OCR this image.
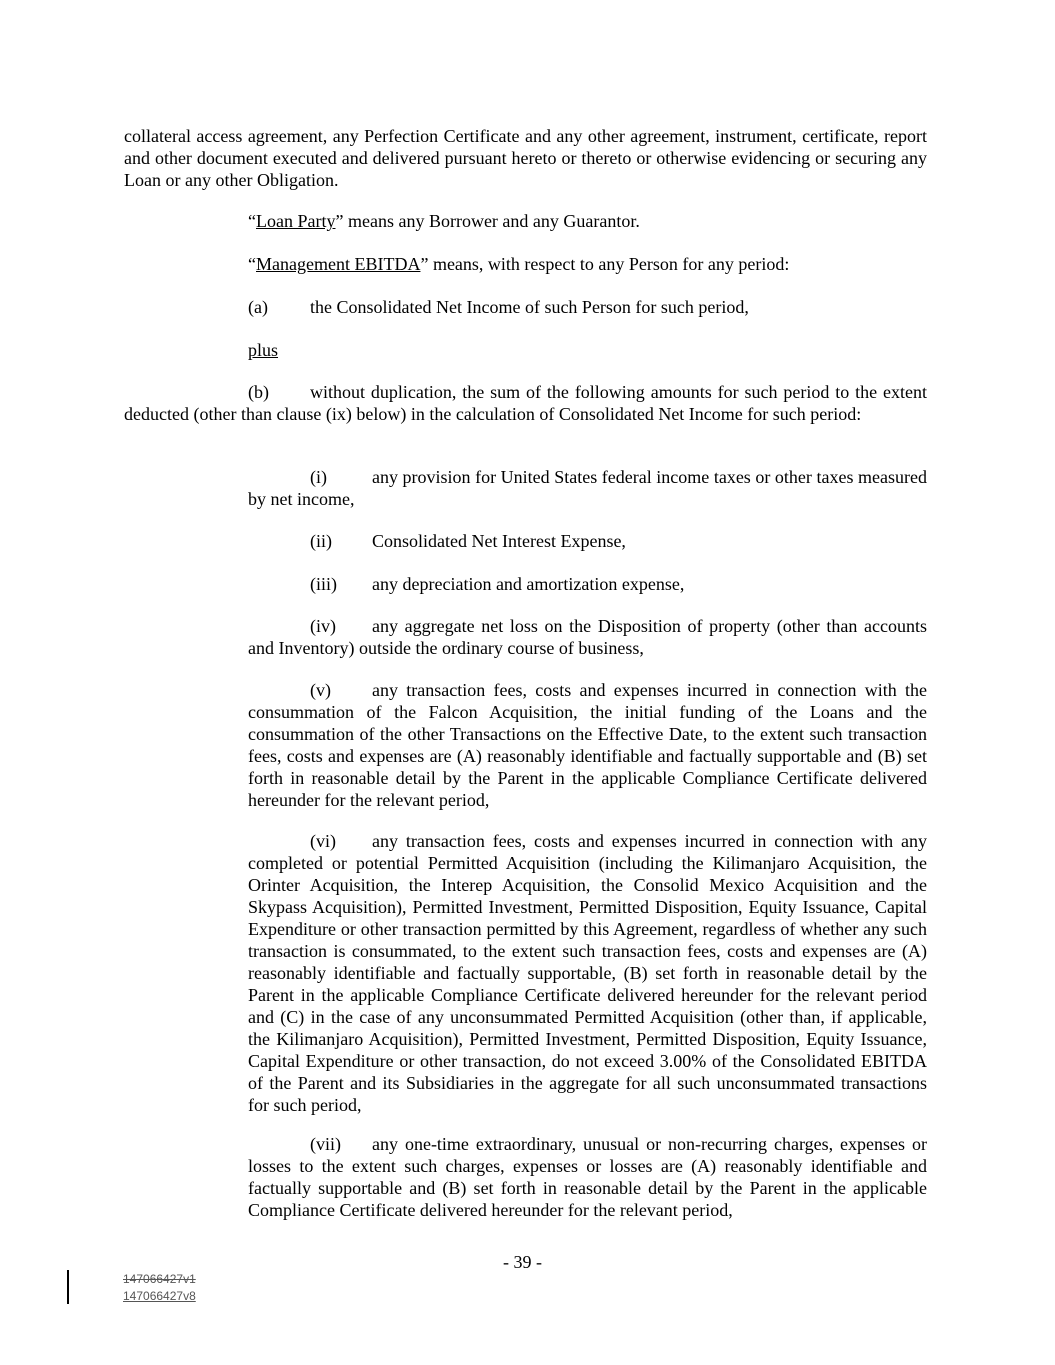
collateral access agreement, any Perfection Certificate and any other agreement, instrument, certificate, report and other document executed and delivered pursuant hereto or thereto or otherwise evidencing or securing any Loan or any other Obligation.

“Loan Party” means any Borrower and any Guarantor.

“Management EBITDA” means, with respect to any Person for any period:

(a) the Consolidated Net Income of such Person for such period,

plus

(b) without duplication, the sum of the following amounts for such period to the extent deducted (other than clause (ix) below) in the calculation of Consolidated Net Income for such period:

(i)	any provision for United States federal income taxes or other taxes measured by net income,

(ii) Consolidated Net Interest Expense,

(iii) any depreciation and amortization expense,

(iv) any aggregate net loss on the Disposition of property (other than accounts and Inventory) outside the ordinary course of business,

(v) any transaction fees, costs and expenses incurred in connection with the consummation of the Falcon Acquisition, the initial funding of the Loans and the consummation of the other Transactions on the Effective Date, to the extent such transaction fees, costs and expenses are (A) reasonably identifiable and factually supportable and (B) set forth in reasonable detail by the Parent in the applicable Compliance Certificate delivered hereunder for the relevant period,

(vi) any transaction fees, costs and expenses incurred in connection with any completed or potential Permitted Acquisition (including the Kilimanjaro Acquisition, the Orinter Acquisition, the Interep Acquisition, the Consolid Mexico Acquisition and the Skypass Acquisition), Permitted Investment, Permitted Disposition, Equity Issuance, Capital Expenditure or other transaction permitted by this Agreement, regardless of whether any such transaction is consummated, to the extent such transaction fees, costs and expenses are (A) reasonably identifiable and factually supportable, (B) set forth in reasonable detail by the Parent in the applicable Compliance Certificate delivered hereunder for the relevant period and (C) in the case of any unconsummated Permitted Acquisition (other than, if applicable, the Kilimanjaro Acquisition), Permitted Investment, Permitted Disposition, Equity Issuance, Capital Expenditure or other transaction, do not exceed 3.00% of the Consolidated EBITDA of the Parent and its Subsidiaries in the aggregate for all such unconsummated transactions for such period,

(vii) any one-time extraordinary, unusual or non-recurring charges, expenses or losses to the extent such charges, expenses or losses are (A) reasonably identifiable and factually supportable and (B) set forth in reasonable detail by the Parent in the applicable Compliance Certificate delivered hereunder for the relevant period,

- 39 -
147066427v1
147066427v8
